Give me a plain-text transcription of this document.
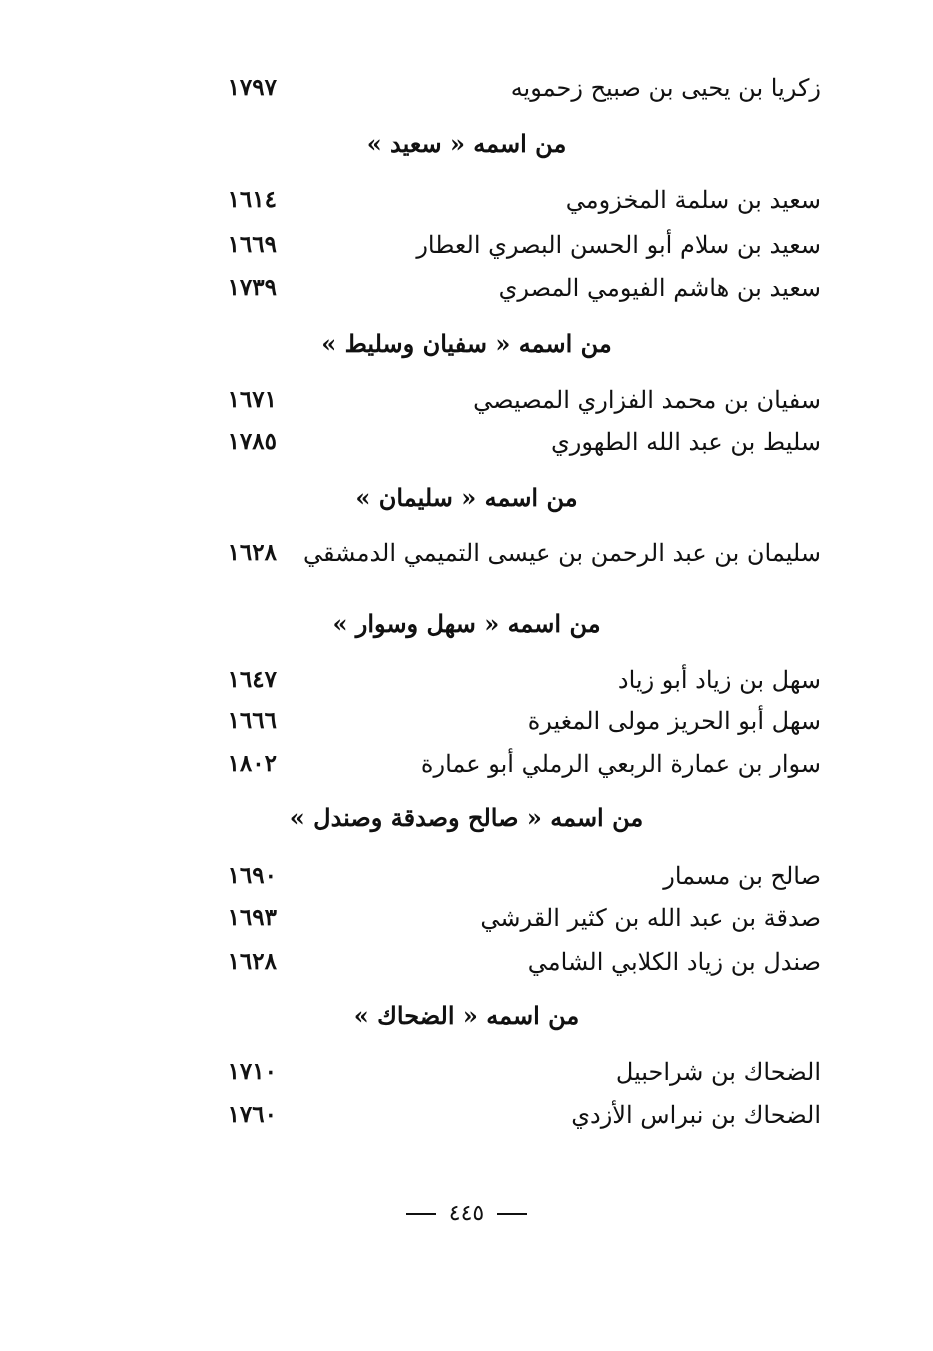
زكريا بن يحيى بن صبيح زحمويه
١٧٩٧
من اسمه « سعيد »
سعيد بن سلمة المخزومي
١٦١٤
سعيد بن سلام أبو الحسن البصري العطار
١٦٦٩
سعيد بن هاشم الفيومي المصري
١٧٣٩
من اسمه « سفيان وسليط »
سفيان بن محمد الفزاري المصيصي
١٦٧١
سليط بن عبد الله الطهوري
١٧٨٥
من اسمه « سليمان »
سليمان بن عبد الرحمن بن عيسى التميمي الدمشقي
١٦٢٨
من اسمه « سهل وسوار »
سهل بن زياد أبو زياد
١٦٤٧
سهل أبو الحريز مولى المغيرة
١٦٦٦
سوار بن عمارة الربعي الرملي أبو عمارة
١٨٠٢
من اسمه « صالح وصدقة وصندل »
صالح بن مسمار
١٦٩٠
صدقة بن عبد الله بن كثير القرشي
١٦٩٣
صندل بن زياد الكلابي الشامي
١٦٢٨
من اسمه « الضحاك »
الضحاك بن شراحبيل
١٧١٠
الضحاك بن نبراس الأزدي
١٧٦٠
٤٤٥
